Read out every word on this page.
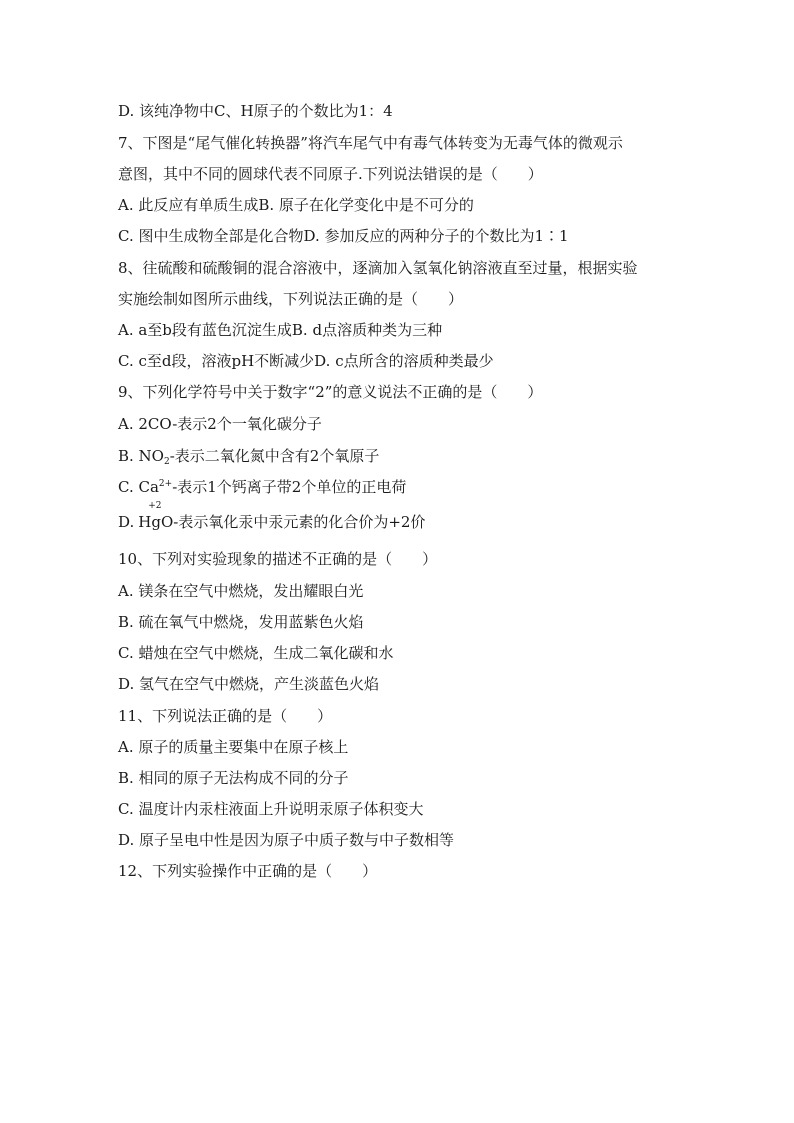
D. 该纯净物中C、H原子的个数比为1：4
7、下图是“尾气催化转换器”将汽车尾气中有毒气体转变为无毒气体的微观示
意图，其中不同的圆球代表不同原子.下列说法错误的是（　　）
A. 此反应有单质生成B. 原子在化学变化中是不可分的
C. 图中生成物全部是化合物D. 参加反应的两种分子的个数比为1∶1
8、往硫酸和硫酸铜的混合溶液中，逐滴加入氢氧化钠溶液直至过量，根据实验
实施绘制如图所示曲线，下列说法正确的是（　　）
A. a至b段有蓝色沉淀生成B. d点溶质种类为三种
C. c至d段，溶液pH不断减少D. c点所含的溶质种类最少
9、下列化学符号中关于数字“2”的意义说法不正确的是（　　）
A. 2CO-表示2个一氧化碳分子
B. $NO_2-$表示二氧化氮中含有2个氧原子
C. $Ca^{2+}-$表示1个钙离子带2个单位的正电荷
D.
+2
HgO-表示氧化汞中汞元素的化合价为+2价
10、下列对实验现象的描述不正确的是（　　）
A. 镁条在空气中燃烧，发出耀眼白光
B. 硫在氧气中燃烧，发用蓝紫色火焰
C. 蜡烛在空气中燃烧，生成二氧化碳和水
D. 氢气在空气中燃烧，产生淡蓝色火焰
11、下列说法正确的是（　　）
A. 原子的质量主要集中在原子核上
B. 相同的原子无法构成不同的分子
C. 温度计内汞柱液面上升说明汞原子体积变大
D. 原子呈电中性是因为原子中质子数与中子数相等
12、下列实验操作中正确的是（　　）
